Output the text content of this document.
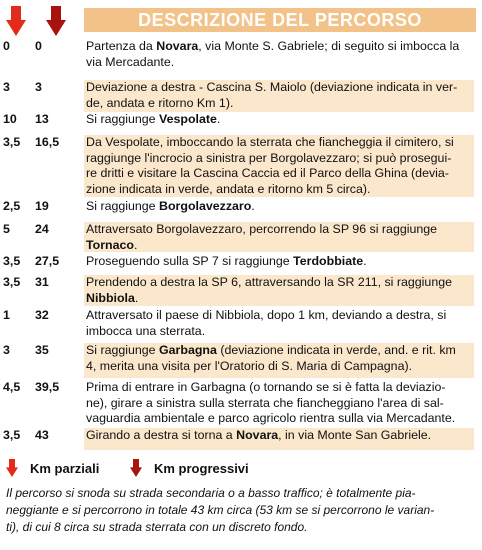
DESCRIZIONE DEL PERCORSO
0	0	Partenza da Novara, via Monte S. Gabriele; di seguito si imbocca la
via Mercadante.
3	3	Deviazione a destra - Cascina S. Maiolo (deviazione indicata in ver-
de, andata e ritorno Km 1).
10	13	Si raggiunge Vespolate.
3,5	16,5	Da Vespolate, imboccando la sterrata che fiancheggia il cimitero, si
raggiunge l'incrocio a sinistra per Borgolavezzaro; si può prosegui-
re dritti e visitare la Cascina Caccia ed il Parco della Ghina (devia-
zione indicata in verde, andata e ritorno km 5 circa).
2,5	19	Si raggiunge Borgolavezzaro.
5	24	Attraversato Borgolavezzaro, percorrendo la SP 96 si raggiunge
Tornaco.
3,5	27,5	Proseguendo sulla SP 7 si raggiunge Terdobbiate.
3,5	31	Prendendo a destra la SP 6, attraversando la SR 211, si raggiunge
Nibbiola.
1	32	Attraversato il paese di Nibbiola, dopo 1 km, deviando a destra, si
imbocca una sterrata.
3	35	Si raggiunge Garbagna (deviazione indicata in verde, and. e rit. km
4, merita una visita per l'Oratorio di S. Maria di Campagna).
4,5	39,5	Prima di entrare in Garbagna (o tornando se si è fatta la deviazio-
ne), girare a sinistra sulla sterrata che fiancheggiano l'area di sal-
vaguardia ambientale e parco agricolo rientra sulla via Mercadante.
3,5	43	Girando a destra si torna a Novara, in via Monte San Gabriele.
Km parziali	Km progressivi
Il percorso si snoda su strada secondaria o a basso traffico; è totalmente pia-
neggiante e si percorrono in totale 43 km circa (53 km se si percorrono le varian-
ti), di cui 8 circa su strada sterrata con un discreto fondo.
